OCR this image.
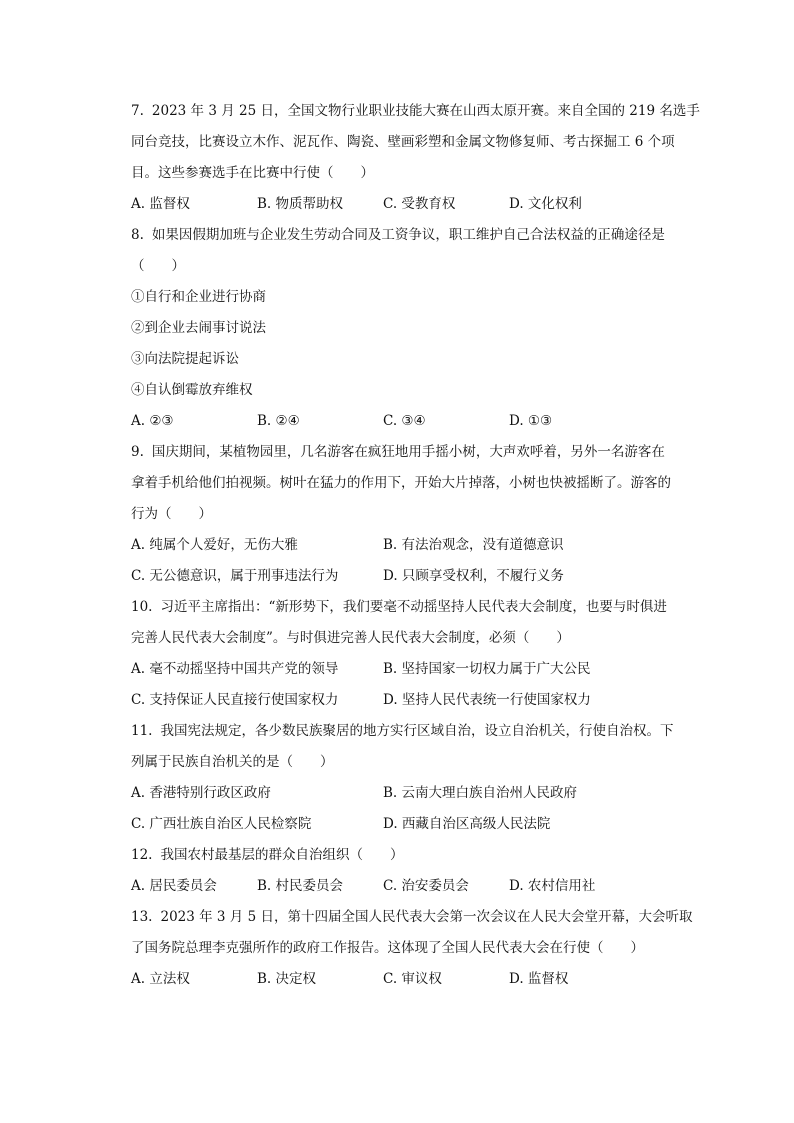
7. 2023 年 3 月 25 日，全国文物行业职业技能大赛在山西太原开赛。来自全国的 219 名选手
同台竞技，比赛设立木作、泥瓦作、陶瓷、壁画彩塑和金属文物修复师、考古探掘工 6 个项
目。这些参赛选手在比赛中行使（　　）
A. 监督权	B. 物质帮助权	C. 受教育权	D. 文化权利
8. 如果因假期加班与企业发生劳动合同及工资争议，职工维护自己合法权益的正确途径是
（　　）
①自行和企业进行协商
②到企业去闹事讨说法
③向法院提起诉讼
④自认倒霉放弃维权
A. ②③	B. ②④	C. ③④	D. ①③
9. 国庆期间，某植物园里，几名游客在疯狂地用手摇小树，大声欢呼着，另外一名游客在
拿着手机给他们拍视频。树叶在猛力的作用下，开始大片掉落，小树也快被摇断了。游客的
行为（　　）
A. 纯属个人爱好，无伤大雅	B. 有法治观念，没有道德意识
C. 无公德意识，属于刑事违法行为	D. 只顾享受权利，不履行义务
10. 习近平主席指出：“新形势下，我们要毫不动摇坚持人民代表大会制度，也要与时俱进
完善人民代表大会制度”。与时俱进完善人民代表大会制度，必须（　　）
A. 毫不动摇坚持中国共产党的领导	B. 坚持国家一切权力属于广大公民
C. 支持保证人民直接行使国家权力	D. 坚持人民代表统一行使国家权力
11. 我国宪法规定，各少数民族聚居的地方实行区域自治，设立自治机关，行使自治权。下
列属于民族自治机关的是（　　）
A. 香港特别行政区政府	B. 云南大理白族自治州人民政府
C. 广西壮族自治区人民检察院	D. 西藏自治区高级人民法院
12. 我国农村最基层的群众自治组织（　　）
A. 居民委员会	B. 村民委员会	C. 治安委员会	D. 农村信用社
13. 2023 年 3 月 5 日，第十四届全国人民代表大会第一次会议在人民大会堂开幕，大会听取
了国务院总理李克强所作的政府工作报告。这体现了全国人民代表大会在行使（　　）
A. 立法权	B. 决定权	C. 审议权	D. 监督权
